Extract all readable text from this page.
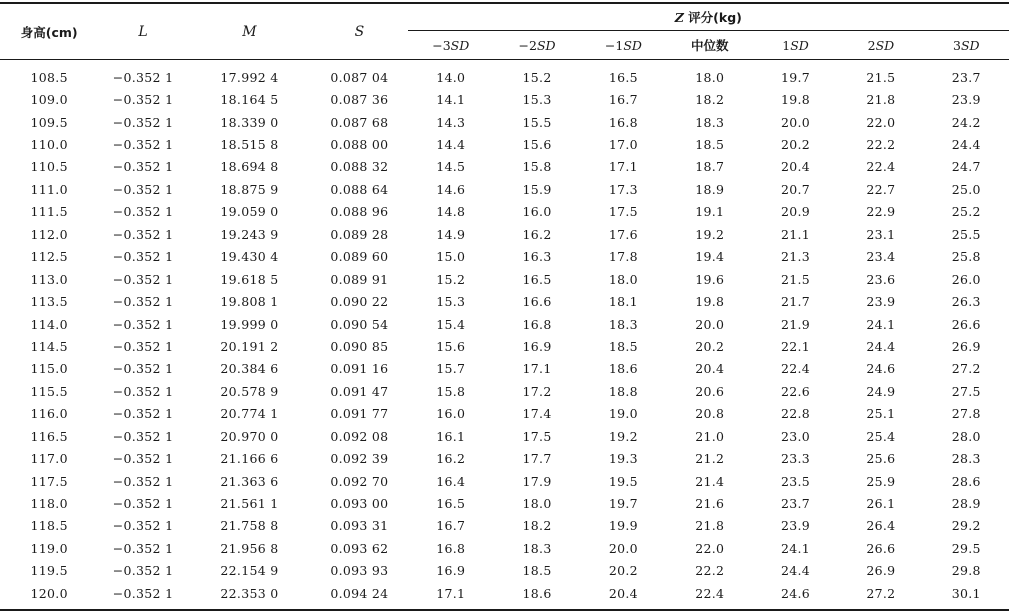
身高(cm)	L	M	S	Z 评分(kg)						
				−3SD	−2SD	−1SD	中位数	1SD	2SD	3SD
108.5	−0.352 1	17.992 4	0.087 04	14.0	15.2	16.5	18.0	19.7	21.5	23.7
109.0	−0.352 1	18.164 5	0.087 36	14.1	15.3	16.7	18.2	19.8	21.8	23.9
109.5	−0.352 1	18.339 0	0.087 68	14.3	15.5	16.8	18.3	20.0	22.0	24.2
110.0	−0.352 1	18.515 8	0.088 00	14.4	15.6	17.0	18.5	20.2	22.2	24.4
110.5	−0.352 1	18.694 8	0.088 32	14.5	15.8	17.1	18.7	20.4	22.4	24.7
111.0	−0.352 1	18.875 9	0.088 64	14.6	15.9	17.3	18.9	20.7	22.7	25.0
111.5	−0.352 1	19.059 0	0.088 96	14.8	16.0	17.5	19.1	20.9	22.9	25.2
112.0	−0.352 1	19.243 9	0.089 28	14.9	16.2	17.6	19.2	21.1	23.1	25.5
112.5	−0.352 1	19.430 4	0.089 60	15.0	16.3	17.8	19.4	21.3	23.4	25.8
113.0	−0.352 1	19.618 5	0.089 91	15.2	16.5	18.0	19.6	21.5	23.6	26.0
113.5	−0.352 1	19.808 1	0.090 22	15.3	16.6	18.1	19.8	21.7	23.9	26.3
114.0	−0.352 1	19.999 0	0.090 54	15.4	16.8	18.3	20.0	21.9	24.1	26.6
114.5	−0.352 1	20.191 2	0.090 85	15.6	16.9	18.5	20.2	22.1	24.4	26.9
115.0	−0.352 1	20.384 6	0.091 16	15.7	17.1	18.6	20.4	22.4	24.6	27.2
115.5	−0.352 1	20.578 9	0.091 47	15.8	17.2	18.8	20.6	22.6	24.9	27.5
116.0	−0.352 1	20.774 1	0.091 77	16.0	17.4	19.0	20.8	22.8	25.1	27.8
116.5	−0.352 1	20.970 0	0.092 08	16.1	17.5	19.2	21.0	23.0	25.4	28.0
117.0	−0.352 1	21.166 6	0.092 39	16.2	17.7	19.3	21.2	23.3	25.6	28.3
117.5	−0.352 1	21.363 6	0.092 70	16.4	17.9	19.5	21.4	23.5	25.9	28.6
118.0	−0.352 1	21.561 1	0.093 00	16.5	18.0	19.7	21.6	23.7	26.1	28.9
118.5	−0.352 1	21.758 8	0.093 31	16.7	18.2	19.9	21.8	23.9	26.4	29.2
119.0	−0.352 1	21.956 8	0.093 62	16.8	18.3	20.0	22.0	24.1	26.6	29.5
119.5	−0.352 1	22.154 9	0.093 93	16.9	18.5	20.2	22.2	24.4	26.9	29.8
120.0	−0.352 1	22.353 0	0.094 24	17.1	18.6	20.4	22.4	24.6	27.2	30.1
